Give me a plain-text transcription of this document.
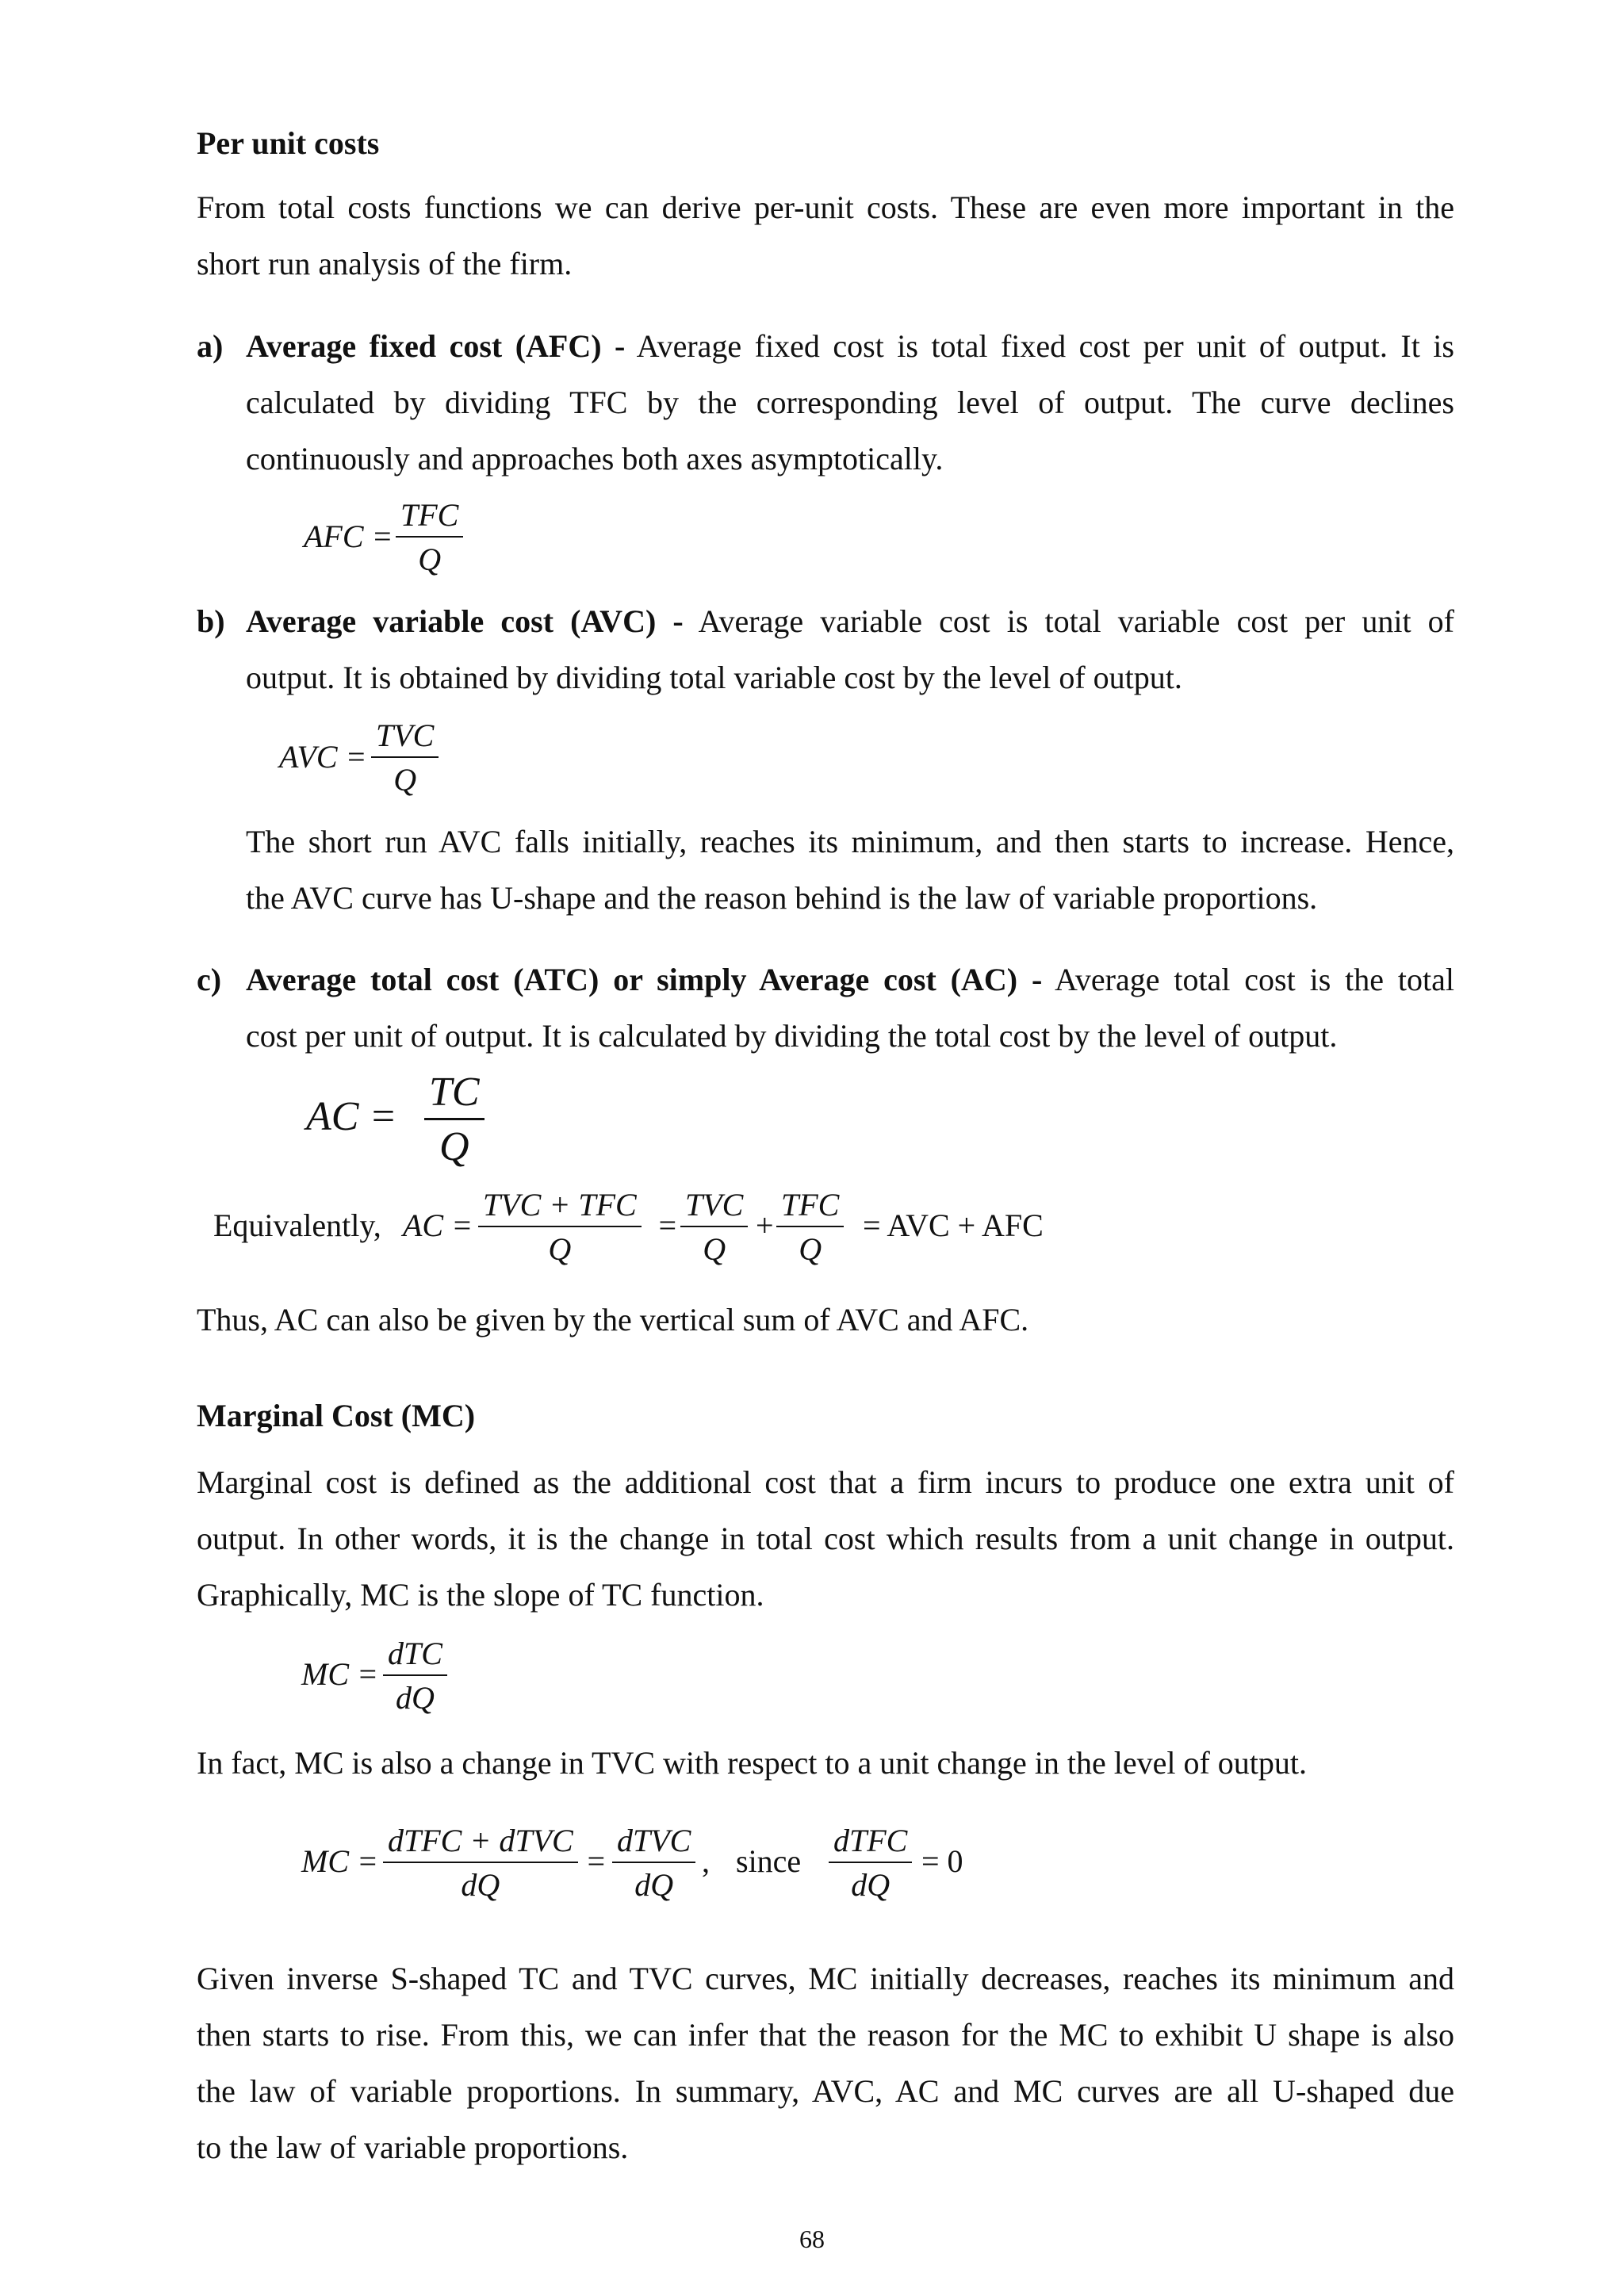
Per unit costs
From total costs functions we can derive per-unit costs. These are even more important in the
short run analysis of the firm.
a) Average fixed cost (AFC) - Average fixed cost is total fixed cost per unit of output. It is
calculated by dividing TFC by the corresponding level of output. The curve declines
continuously and approaches both axes asymptotically.
AFC =
TFC
Q
b) Average variable cost (AVC) - Average variable cost is total variable cost per unit of
output. It is obtained by dividing total variable cost by the level of output.
AVC =
TVC
Q
The short run AVC falls initially, reaches its minimum, and then starts to increase. Hence,
the AVC curve has U-shape and the reason behind is the law of variable proportions.
c) Average total cost (ATC) or simply Average cost (AC) - Average total cost is the total
cost per unit of output. It is calculated by dividing the total cost by the level of output.
AC = $\frac{TC}{Q}$
Equivalently, AC =
TVC + TFC
Q
=
TVC
Q
+
TFC
Q
= AVC + AFC
Thus, AC can also be given by the vertical sum of AVC and AFC.
Marginal Cost (MC)
Marginal cost is defined as the additional cost that a firm incurs to produce one extra unit of
output. In other words, it is the change in total cost which results from a unit change in output.
Graphically, MC is the slope of TC function.
MC =
dTC
dQ
In fact, MC is also a change in TVC with respect to a unit change in the level of output.
MC =
dTFC + dTVC
dQ
=
dTVC
dQ
, since
dTFC
dQ
= 0
Given inverse S-shaped TC and TVC curves, MC initially decreases, reaches its minimum and
then starts to rise. From this, we can infer that the reason for the MC to exhibit U shape is also
the law of variable proportions. In summary, AVC, AC and MC curves are all U-shaped due
to the law of variable proportions.
68
